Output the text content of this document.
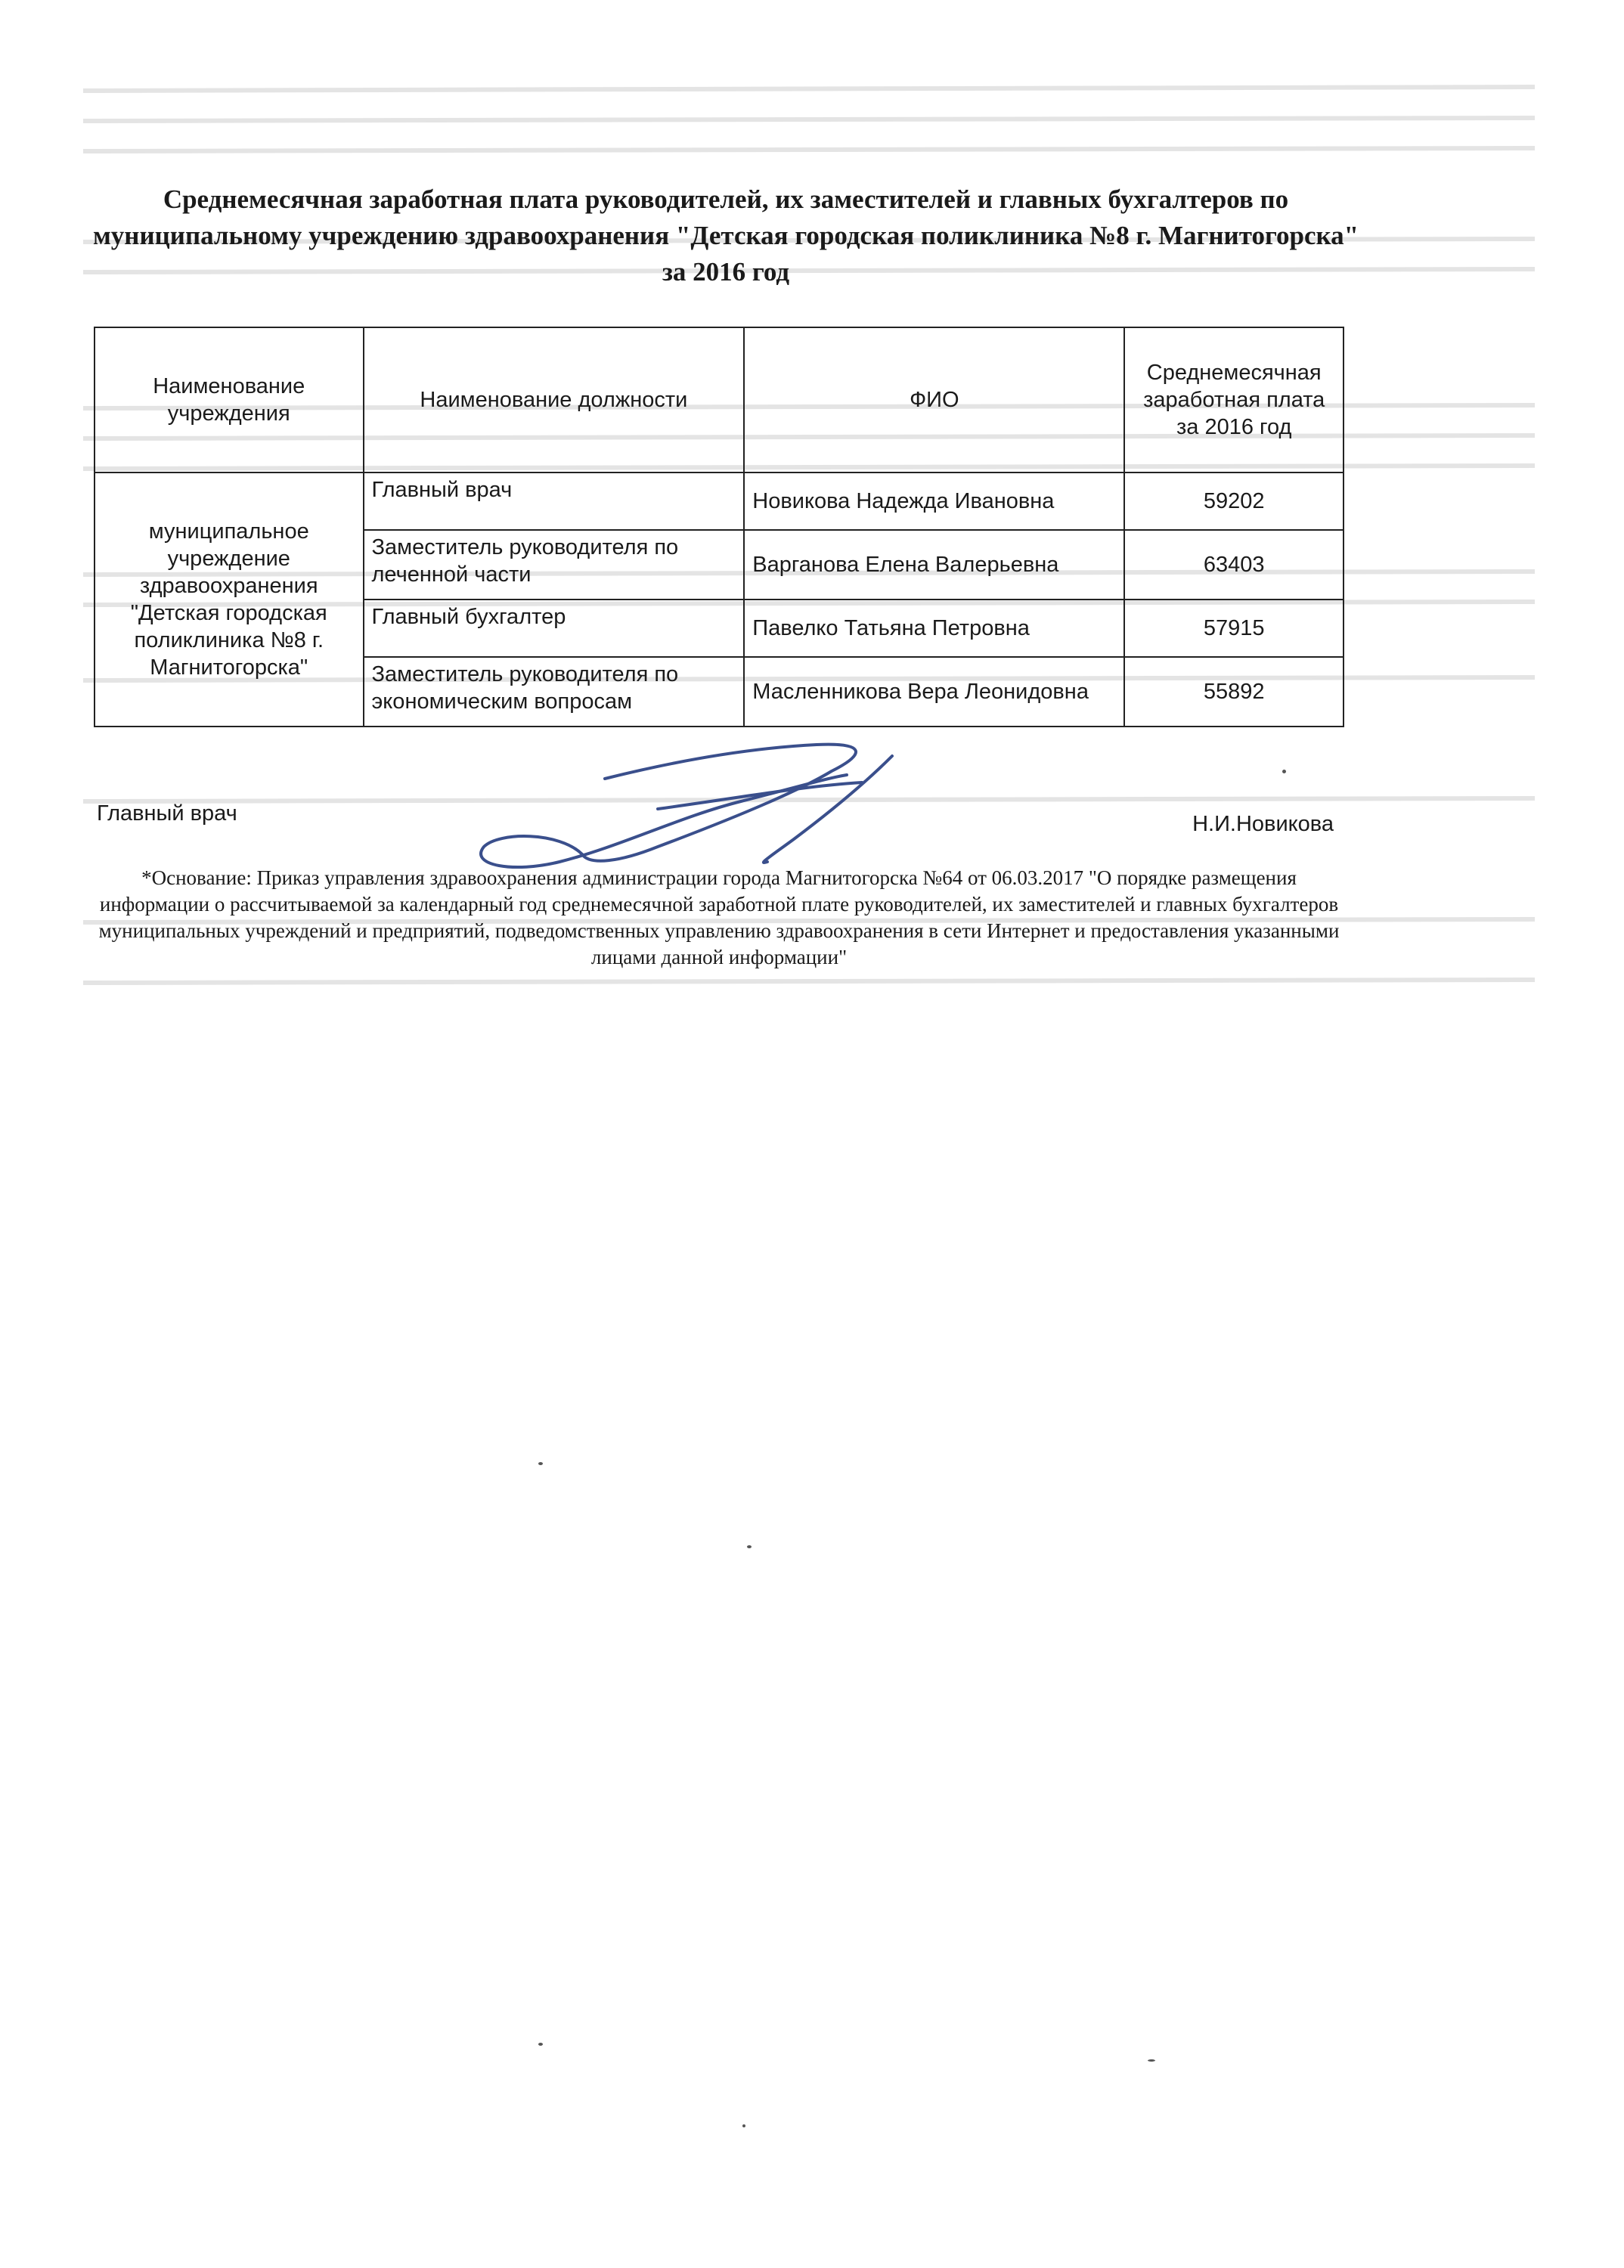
Среднемесячная заработная плата руководителей, их заместителей и главных бухгалтеров по муниципальному учреждению здравоохранения "Детская городская поликлиника №8 г. Магнитогорска" за 2016 год
Наименование учреждения	Наименование должности	ФИО	Среднемесячная заработная плата за 2016 год
муниципальное учреждение здравоохранения "Детская городская поликлиника №8 г. Магнитогорска"	Главный врач	Новикова Надежда Ивановна	59202
	Заместитель руководителя по леченной части	Варганова Елена Валерьевна	63403
	Главный бухгалтер	Павелко Татьяна Петровна	57915
	Заместитель руководителя по экономическим вопросам	Масленникова Вера Леонидовна	55892
Главный врач	Н.И.Новикова
*Основание: Приказ управления здравоохранения администрации города Магнитогорска №64 от 06.03.2017 "О порядке размещения информации о рассчитываемой за календарный год среднемесячной заработной плате руководителей, их заместителей и главных бухгалтеров муниципальных учреждений и предприятий, подведомственных управлению здравоохранения в сети Интернет и предоставления указанными лицами данной информации"
